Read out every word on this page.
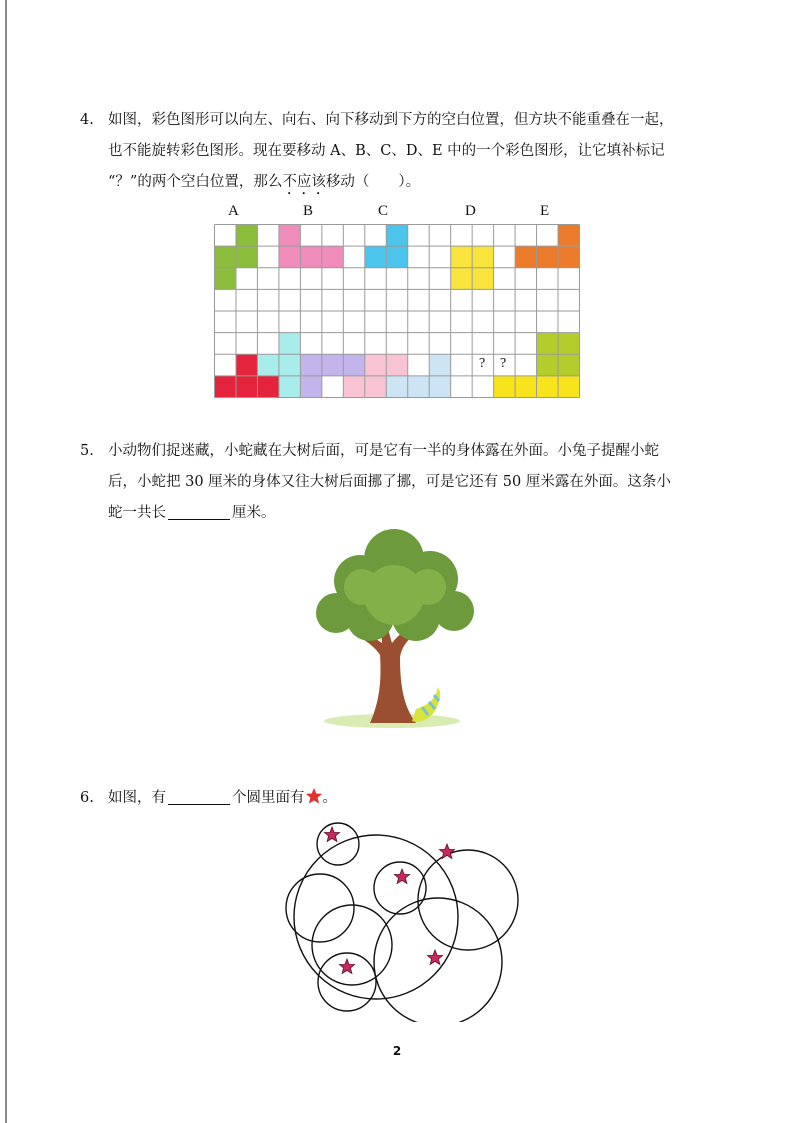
4. 如图，彩色图形可以向左、向右、向下移动到下方的空白位置，但方块不能重叠在一起，
也不能旋转彩色图形。现在要移动 A、B、C、D、E 中的一个彩色图形，让它填补标记
“？”的两个空白位置，那么不应该移动（　　）。
A	B	C	D	E
? ?
5. 小动物们捉迷藏，小蛇藏在大树后面，可是它有一半的身体露在外面。小兔子提醒小蛇
后，小蛇把 30 厘米的身体又往大树后面挪了挪，可是它还有 50 厘米露在外面。这条小
蛇一共长	厘米。
6. 如图，有	个圆里面有 。
2
